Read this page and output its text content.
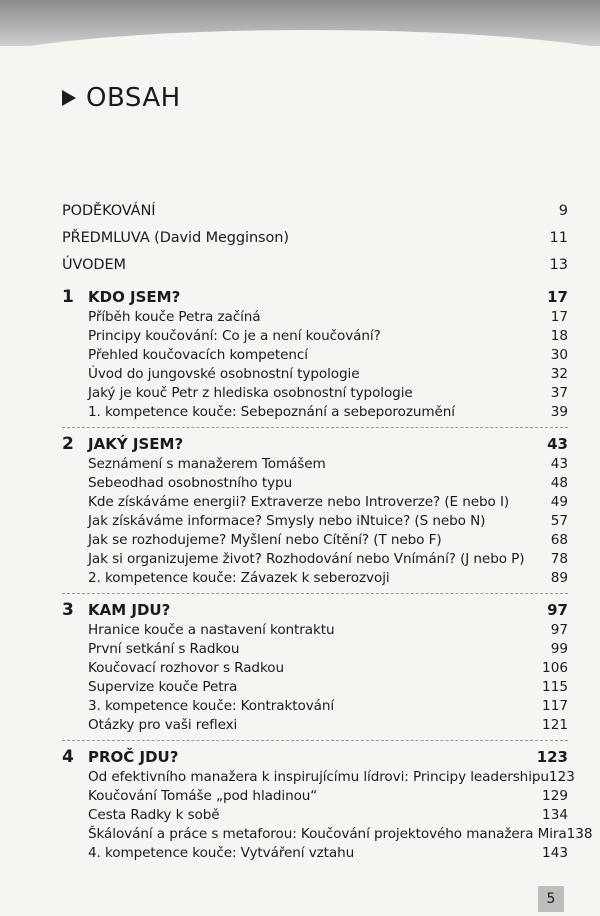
OBSAH
PODĚKOVÁNÍ	9
PŘEDMLUVA (David Megginson)	11
ÚVODEM	13
1 KDO JSEM?	17
Příběh kouče Petra začíná	17
Principy koučování: Co je a není koučování?	18
Přehled koučovacích kompetencí	30
Úvod do jungovské osobnostní typologie	32
Jaký je kouč Petr z hlediska osobnostní typologie	37
1. kompetence kouče: Sebepoznání a sebeporozumění	39
2 JAKÝ JSEM?	43
Seznámení s manažerem Tomášem	43
Sebeodhad osobnostního typu	48
Kde získáváme energii? Extraverze nebo Introverze? (E nebo I)	49
Jak získáváme informace? Smysly nebo iNtuice? (S nebo N)	57
Jak se rozhodujeme? Myšlení nebo Cítění? (T nebo F)	68
Jak si organizujeme život? Rozhodování nebo Vnímání? (J nebo P) 78
2. kompetence kouče: Závazek k seberozvoji	89
3 KAM JDU?	97
Hranice kouče a nastavení kontraktu	97
První setkání s Radkou	99
Koučovací rozhovor s Radkou	106
Supervize kouče Petra	115
3. kompetence kouče: Kontraktování	117
Otázky pro vaši reflexi	121
4 PROČ JDU?	123
Od efektivního manažera k inspirujícímu lídrovi: Principy leadershipu 123
Koučování Tomáše „pod hladinou“	129
Cesta Radky k sobě	134
Škálování a práce s metaforou: Koučování projektového manažera Mira 138
4. kompetence kouče: Vytváření vztahu	143
5
